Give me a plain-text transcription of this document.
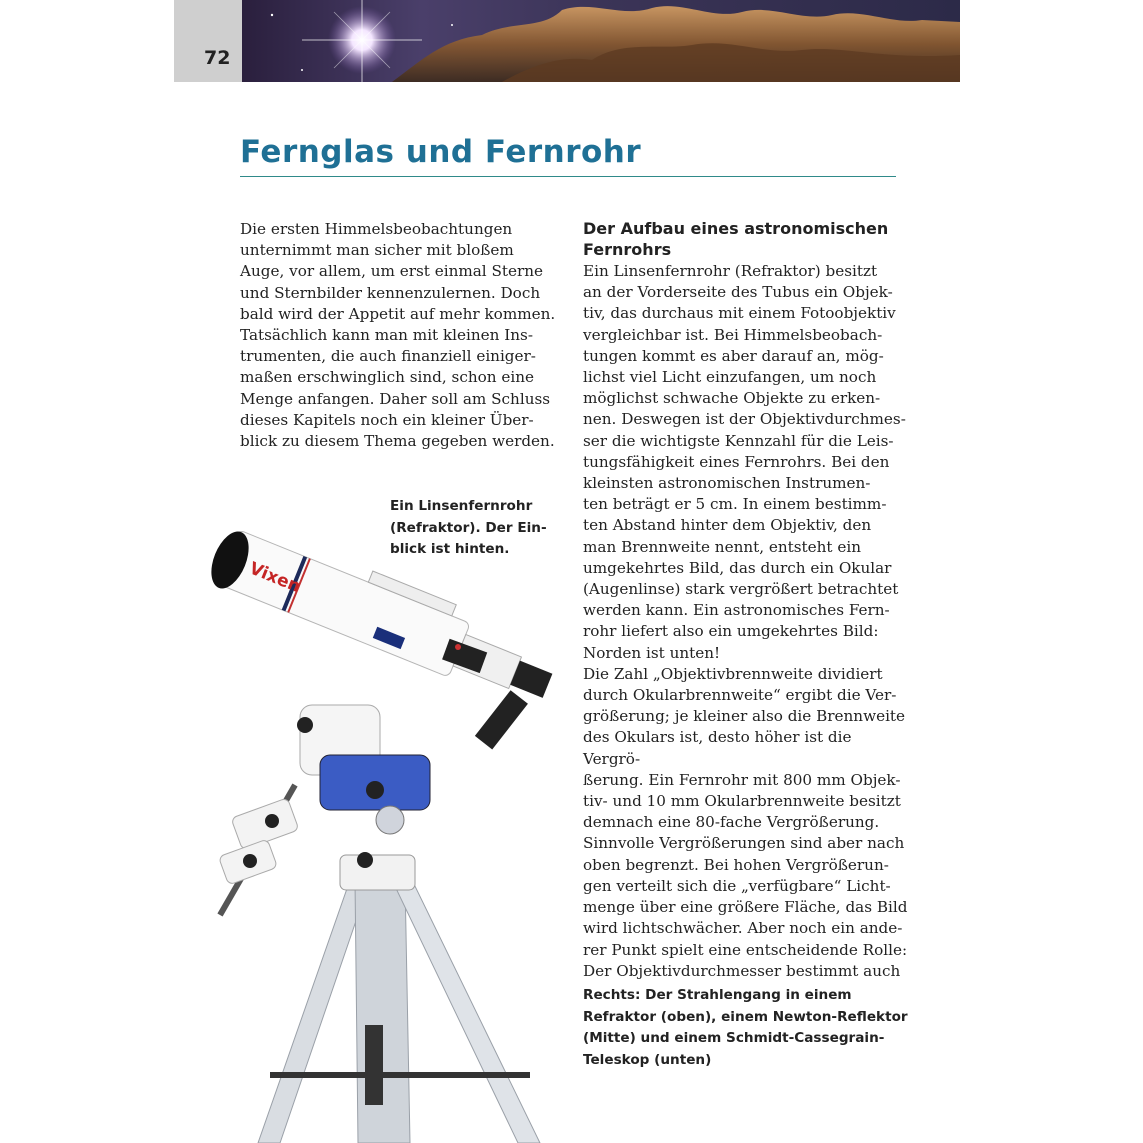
72
Fernglas und Fernrohr

Die ersten Himmelsbeobachtungen
unternimmt man sicher mit bloßem
Auge, vor allem, um erst einmal Sterne
und Sternbilder kennenzulernen. Doch
bald wird der Appetit auf mehr kommen.
Tatsächlich kann man mit kleinen Ins-
trumenten, die auch finanziell einiger-
maßen erschwinglich sind, schon eine
Menge anfangen. Daher soll am Schluss
dieses Kapitels noch ein kleiner Über-
blick zu diesem Thema gegeben werden.

Der Aufbau eines astronomischen
Fernrohrs

Ein Linsenfernrohr (Refraktor) besitzt
an der Vorderseite des Tubus ein Objek-
tiv, das durchaus mit einem Fotoobjektiv
vergleichbar ist. Bei Himmelsbeobach-
tungen kommt es aber darauf an, mög-
lichst viel Licht einzufangen, um noch
möglichst schwache Objekte zu erken-
nen. Deswegen ist der Objektivdurchmes-
ser die wichtigste Kennzahl für die Leis-
tungsfähigkeit eines Fernrohrs. Bei den
kleinsten astronomischen Instrumen-
ten beträgt er 5 cm. In einem bestimm-
ten Abstand hinter dem Objektiv, den
man Brennweite nennt, entsteht ein
umgekehrtes Bild, das durch ein Okular
(Augenlinse) stark vergrößert betrachtet
werden kann. Ein astronomisches Fern-
rohr liefert also ein umgekehrtes Bild:
Norden ist unten!
Die Zahl „Objektivbrennweite dividiert
durch Okularbrennweite“ ergibt die Ver-
größerung; je kleiner also die Brennweite
des Okulars ist, desto höher ist die Vergrö-
ßerung. Ein Fernrohr mit 800 mm Objek-
tiv- und 10 mm Okularbrennweite besitzt
demnach eine 80-fache Vergrößerung.
Sinnvolle Vergrößerungen sind aber nach
oben begrenzt. Bei hohen Vergrößerun-
gen verteilt sich die „verfügbare“ Licht-
menge über eine größere Fläche, das Bild
wird lichtschwächer. Aber noch ein ande-
rer Punkt spielt eine entscheidende Rolle:
Der Objektivdurchmesser bestimmt auch

Ein Linsenfernrohr
(Refraktor). Der Ein-
blick ist hinten.

Rechts: Der Strahlengang in einem
Refraktor (oben), einem Newton-Reflektor
(Mitte) und einem Schmidt-Cassegrain-
Teleskop (unten)

Vixen
